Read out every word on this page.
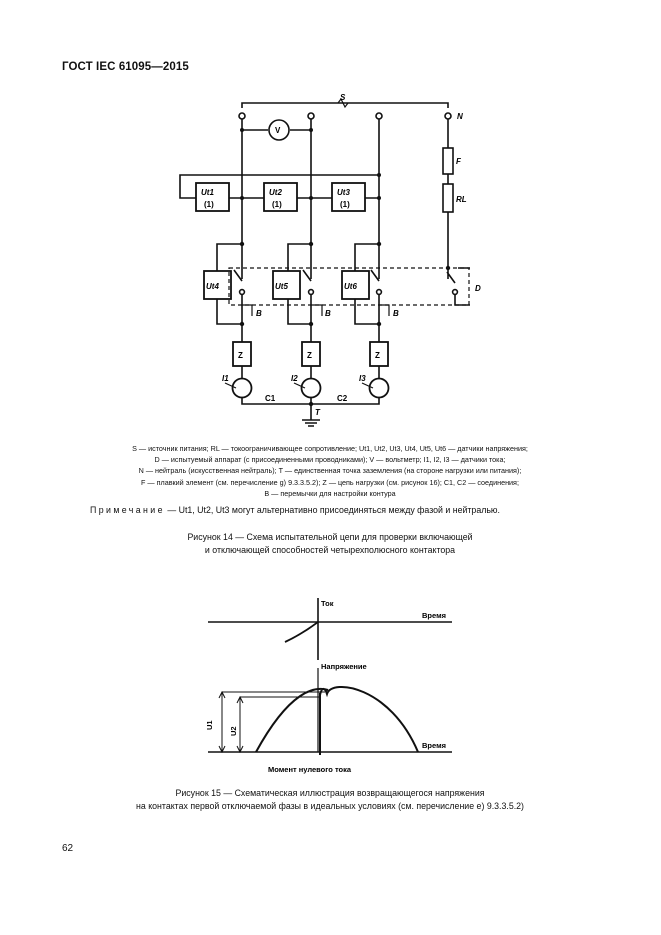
ГОСТ IEC 61095—2015
S
N
V
F
RL
D
B	B	B
Z	Z	Z
I1	I2	I3
C1	C2
T
Ut1
(1)
Ut2
(1)
Ut3
(1)
Ut4	Ut5	Ut6
S — источник питания; RL — токоограничивающее сопротивление; Ut1, Ut2, Ut3, Ut4, Ut5, Ut6 — датчики напряжения;
D — испытуемый аппарат (с присоединенными проводниками); V — вольтметр; I1, I2, I3 — датчики тока;
N — нейтраль (искусственная нейтраль); T — единственная точка заземления (на стороне нагрузки или питания);
F — плавкий элемент (см. перечисление g) 9.3.3.5.2); Z — цепь нагрузки (см. рисунок 16); C1, C2 — соединения;
B — перемычки для настройки контура
Примечание — Ut1, Ut2, Ut3 могут альтернативно присоединяться между фазой и нейтралью.
Рисунок 14 — Схема испытательной цепи для проверки включающей
и отключающей способностей четырехполюсного контактора
Ток
Время
Напряжение
Время
Момент нулевого тока
U1
U2
Рисунок 15 — Схематическая иллюстрация возвращающегося напряжения
на контактах первой отключаемой фазы в идеальных условиях (см. перечисление е) 9.3.3.5.2)
62
